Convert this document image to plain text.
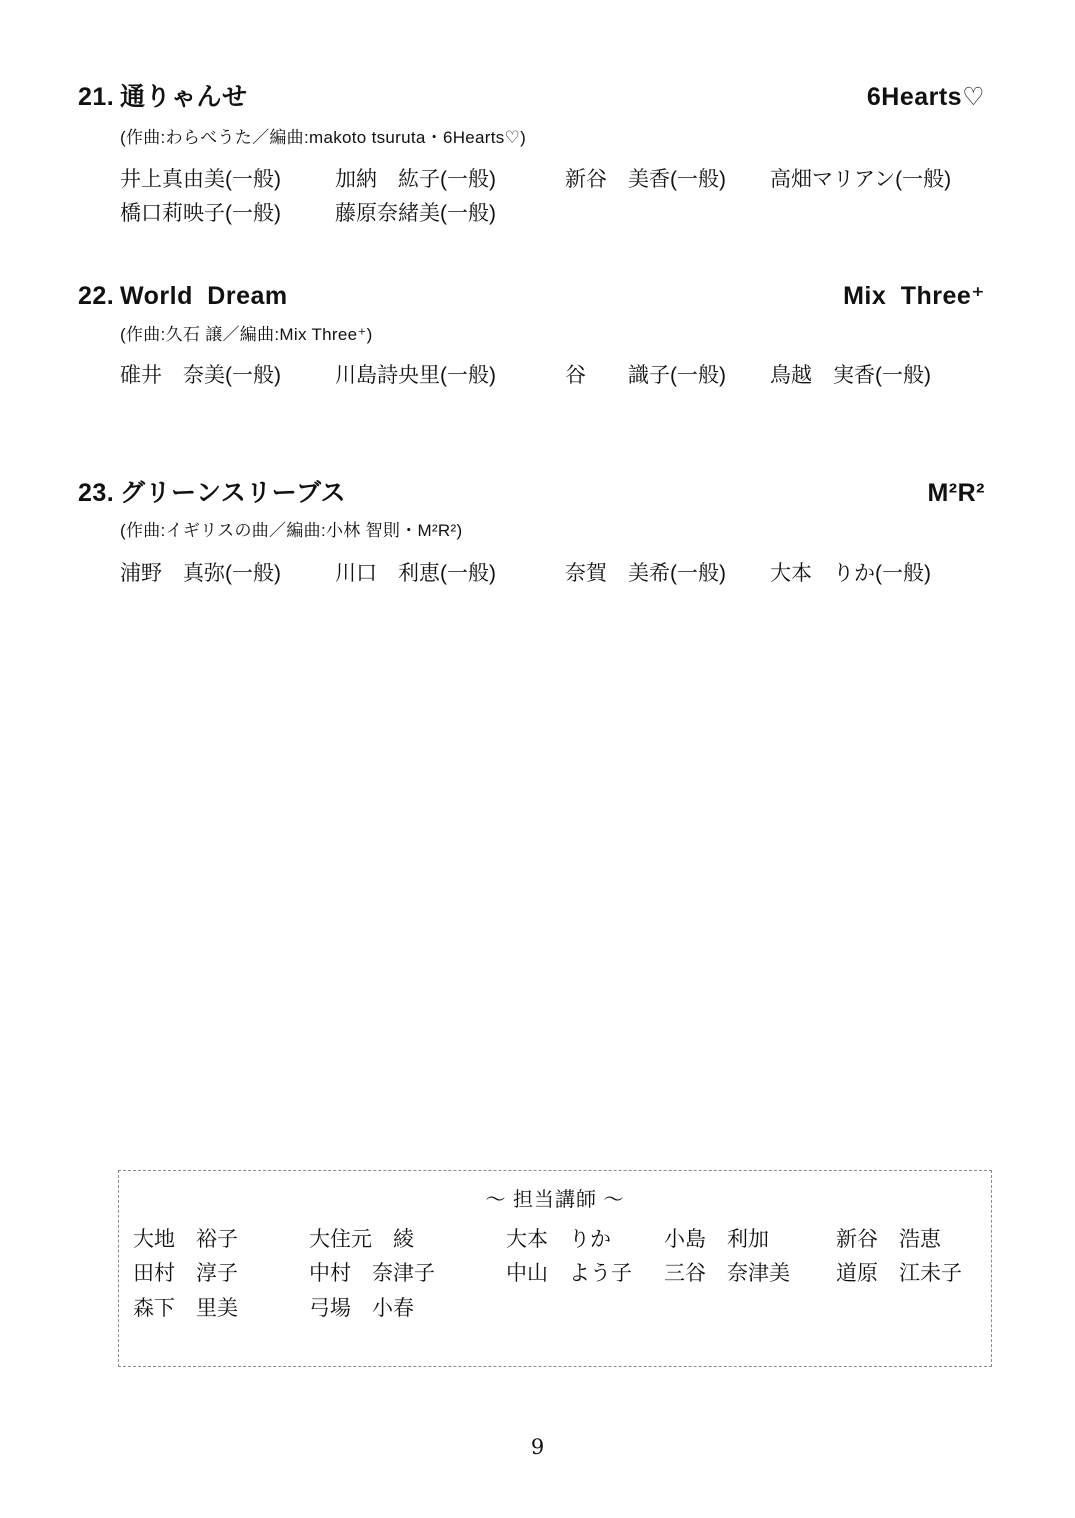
21. 通りゃんせ	6Hearts♡
(作曲:わらべうた／編曲:makoto tsuruta・6Hearts♡)
井上真由美(一般)	加納　紘子(一般)	新谷　美香(一般) 高畑マリアン(一般)
橋口莉映子(一般)	藤原奈緒美(一般)
22. World Dream	Mix Three⁺
(作曲:久石 譲／編曲:Mix Three⁺)
碓井　奈美(一般)	川島詩央里(一般)	谷　　識子(一般) 鳥越　実香(一般)
23. グリーンスリーブス	M²R²
(作曲:イギリスの曲／編曲:小林 智則・M²R²)
浦野　真弥(一般)	川口　利恵(一般)	奈賀　美希(一般) 大本　りか(一般)
～ 担当講師 ～
大地　裕子	大住元　綾	大本　りか	小島　利加	新谷　浩恵
田村　淳子	中村　奈津子	中山　よう子 三谷　奈津美 道原　江未子
森下　里美	弓場　小春
9
